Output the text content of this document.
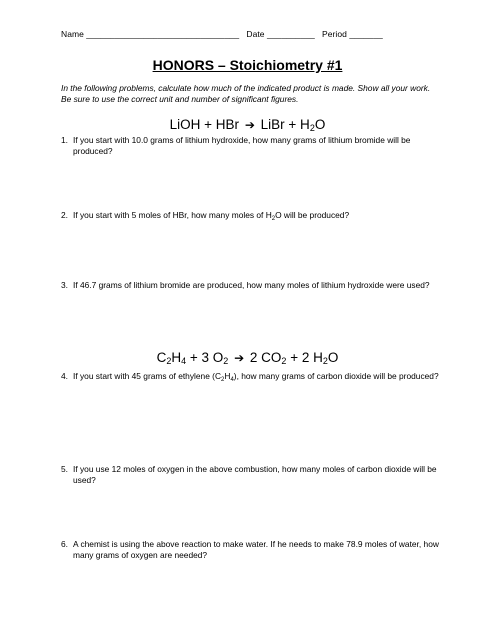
Name ________________________________ Date __________ Period _______
HONORS – Stoichiometry #1
In the following problems, calculate how much of the indicated product is made. Show all your work. Be sure to use the correct unit and number of significant figures.
LiOH + HBr ➔ LiBr + $H_2O$
1. If you start with 10.0 grams of lithium hydroxide, how many grams of lithium bromide will be produced?
2. If you start with 5 moles of HBr, how many moles of $H_2O$ will be produced?
3. If 46.7 grams of lithium bromide are produced, how many moles of lithium hydroxide were used?
$C_2H_4 + 3$ $O_2$ ➔ 2 $CO_2 + 2$ $H_2O$
4. If you start with 45 grams of ethylene $(C_2H_4)$, how many grams of carbon dioxide will be produced?
5. If you use 12 moles of oxygen in the above combustion, how many moles of carbon dioxide will be used?
6. A chemist is using the above reaction to make water. If he needs to make 78.9 moles of water, how many grams of oxygen are needed?
